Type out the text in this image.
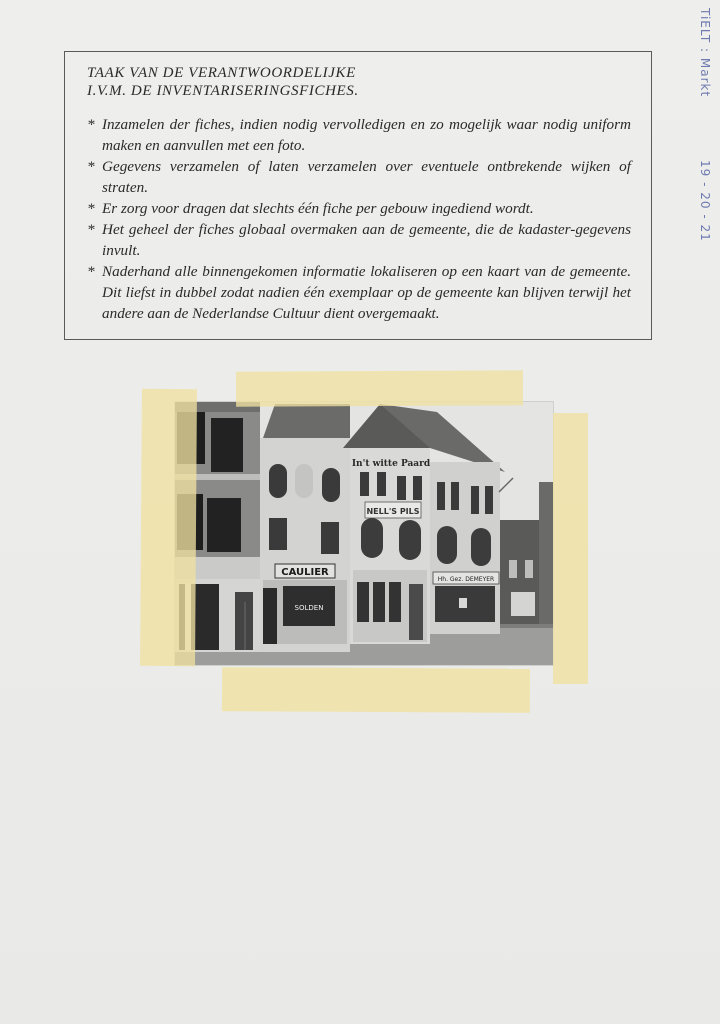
TAAK VAN DE VERANTWOORDELIJKE
I.V.M. DE INVENTARISERINGSFICHES.
* Inzamelen der fiches, indien nodig vervolledigen en zo mogelijk waar nodig uniform maken en aanvullen met een foto.
* Gegevens verzamelen of laten verzamelen over eventuele ontbrekende wijken of straten.
* Er zorg voor dragen dat slechts één fiche per gebouw ingediend wordt.
* Het geheel der fiches globaal overmaken aan de gemeente, die de kadaster-gegevens invult.
* Naderhand alle binnengekomen informatie lokaliseren op een kaart van de gemeente. Dit liefst in dubbel zodat nadien één exemplaar op de gemeente kan blijven terwijl het andere aan de Nederlandse Cultuur dient overgemaakt.
TiELT : Markt
19 - 20 - 21
CAULIER
SOLDEN
In't witte Paard
NELL'S PILS
Hh. Gez. DEMEYER
